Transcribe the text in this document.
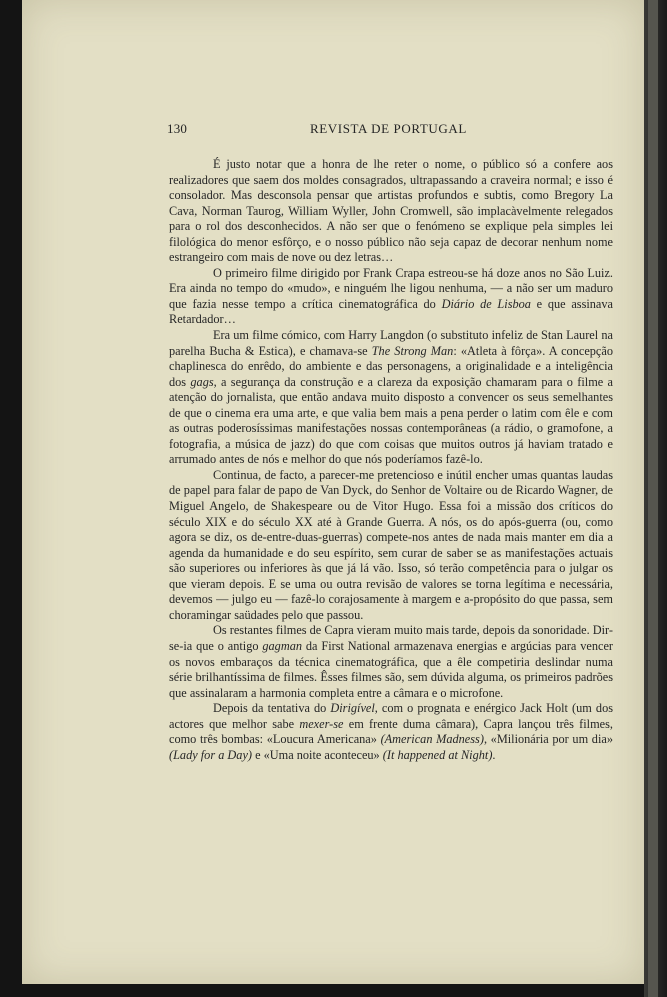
130	REVISTA DE PORTUGAL

É justo notar que a honra de lhe reter o nome, o público só a confere aos realizadores que saem dos moldes consagrados, ultrapassando a craveira normal; e isso é consolador. Mas desconsola pensar que artistas profundos e subtis, como Bregory La Cava, Norman Taurog, William Wyller, John Cromwell, são implacàvelmente relegados para o rol dos desconhecidos. A não ser que o fenómeno se explique pela simples lei filológica do menor esfôrço, e o nosso público não seja capaz de decorar nenhum nome estrangeiro com mais de nove ou dez letras…

O primeiro filme dirigido por Frank Crapa estreou-se há doze anos no São Luiz. Era ainda no tempo do «mudo», e ninguém lhe ligou nenhuma, — a não ser um maduro que fazia nesse tempo a crítica cinematográfica do Diário de Lisboa e que assinava Retardador…

Era um filme cómico, com Harry Langdon (o substituto infeliz de Stan Laurel na parelha Bucha & Estica), e chamava-se The Strong Man: «Atleta à fôrça». A concepção chaplinesca do enrêdo, do ambiente e das personagens, a originalidade e a inteligência dos gags, a segurança da construção e a clareza da exposição chamaram para o filme a atenção do jornalista, que então andava muito disposto a convencer os seus semelhantes de que o cinema era uma arte, e que valia bem mais a pena perder o latim com êle e com as outras poderosíssimas manifestações nossas contemporâneas (a rádio, o gramofone, a fotografia, a música de jazz) do que com coisas que muitos outros já haviam tratado e arrumado antes de nós e melhor do que nós poderíamos fazê-lo.

Continua, de facto, a parecer-me pretencioso e inútil encher umas quantas laudas de papel para falar de papo de Van Dyck, do Senhor de Voltaire ou de Ricardo Wagner, de Miguel Angelo, de Shakespeare ou de Vitor Hugo. Essa foi a missão dos críticos do século XIX e do século XX até à Grande Guerra. A nós, os do após-guerra (ou, como agora se diz, os de-entre-duas-guerras) compete-nos antes de nada mais manter em dia a agenda da humanidade e do seu espírito, sem curar de saber se as manifestações actuais são superiores ou inferiores às que já lá vão. Isso, só terão competência para o julgar os que vieram depois. E se uma ou outra revisão de valores se torna legítima e necessária, devemos — julgo eu — fazê-lo corajosamente à margem e a-propósito do que passa, sem choramingar saüdades pelo que passou.

Os restantes filmes de Capra vieram muito mais tarde, depois da sonoridade. Dir-se-ia que o antigo gagman da First National armazenava energias e argúcias para vencer os novos embaraços da técnica cinematográfica, que a êle competiria deslindar numa série brilhantíssima de filmes. Êsses filmes são, sem dúvida alguma, os primeiros padrões que assinalaram a harmonia completa entre a câmara e o microfone.

Depois da tentativa do Dirigível, com o prognata e enérgico Jack Holt (um dos actores que melhor sabe mexer-se em frente duma câmara), Capra lançou três filmes, como três bombas: «Loucura Americana» (American Madness), «Milionária por um dia» (Lady for a Day) e «Uma noite aconteceu» (It happened at Night).
